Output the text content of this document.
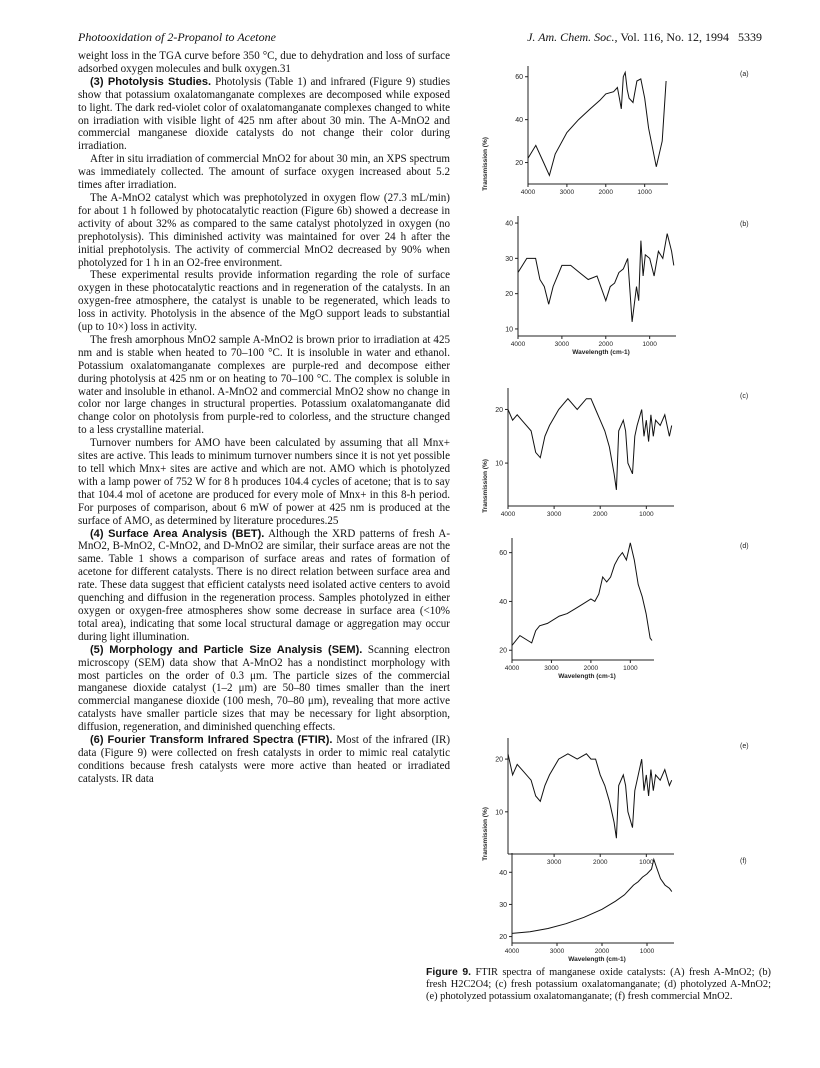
Photooxidation of 2-Propanol to Acetone	J. Am. Chem. Soc., Vol. 116, No. 12, 1994 5339

weight loss in the TGA curve before 350 °C, due to dehydration and loss of surface adsorbed oxygen molecules and bulk oxygen.31

(3) Photolysis Studies. Photolysis (Table 1) and infrared (Figure 9) studies show that potassium oxalatomanganate complexes are decomposed while exposed to light. The dark red-violet color of oxalatomanganate complexes changed to white on irradiation with visible light of 425 nm after about 30 min. The A-MnO2 and commercial manganese dioxide catalysts do not change their color during irradiation.

After in situ irradiation of commercial MnO2 for about 30 min, an XPS spectrum was immediately collected. The amount of surface oxygen increased about 5.2 times after irradiation.

The A-MnO2 catalyst which was prephotolyzed in oxygen flow (27.3 mL/min) for about 1 h followed by photocatalytic reaction (Figure 6b) showed a decrease in activity of about 32% as compared to the same catalyst photolyzed in oxygen (no prephotolysis). This diminished activity was maintained for over 24 h after the initial prephotolysis. The activity of commercial MnO2 decreased by 90% when photolyzed for 1 h in an O2-free environment.

These experimental results provide information regarding the role of surface oxygen in these photocatalytic reactions and in regeneration of the catalysts. In an oxygen-free atmosphere, the catalyst is unable to be regenerated, which leads to loss in activity. Photolysis in the absence of the MgO support leads to substantial (up to 10×) loss in activity.

The fresh amorphous MnO2 sample A-MnO2 is brown prior to irradiation at 425 nm and is stable when heated to 70–100 °C. It is insoluble in water and ethanol. Potassium oxalatomanganate complexes are purple-red and decompose either during photolysis at 425 nm or on heating to 70–100 °C. The complex is soluble in water and insoluble in ethanol. A-MnO2 and commercial MnO2 show no change in color nor large changes in structural properties. Potassium oxalatomanganate did change color on photolysis from purple-red to colorless, and the structure changed to a less crystalline material.

Turnover numbers for AMO have been calculated by assuming that all Mnx+ sites are active. This leads to minimum turnover numbers since it is not yet possible to tell which Mnx+ sites are active and which are not. AMO which is photolyzed with a lamp power of 752 W for 8 h produces 104.4 cycles of acetone; that is to say that 104.4 mol of acetone are produced for every mole of Mnx+ in this 8-h period. For purposes of comparison, about 6 mW of power at 425 nm is produced at the surface of AMO, as determined by literature procedures.25

(4) Surface Area Analysis (BET). Although the XRD patterns of fresh A-MnO2, B-MnO2, C-MnO2, and D-MnO2 are similar, their surface areas are not the same. Table 1 shows a comparison of surface areas and rates of formation of acetone for different catalysts. There is no direct relation between surface area and rate. These data suggest that efficient catalysts need isolated active centers to avoid quenching and diffusion in the regeneration process. Samples photolyzed in either oxygen or oxygen-free atmospheres show some decrease in surface area (<10% total area), indicating that some local structural damage or aggregation may occur during light illumination.

(5) Morphology and Particle Size Analysis (SEM). Scanning electron microscopy (SEM) data show that A-MnO2 has a nondistinct morphology with most particles on the order of 0.3 μm. The particle sizes of the commercial manganese dioxide catalyst (1–2 μm) are 50–80 times smaller than the inert commercial manganese dioxide (100 mesh, 70–80 μm), revealing that more active catalysts have smaller particle sizes that may be necessary for light absorption, diffusion, regeneration, and diminished quenching effects.

(6) Fourier Transform Infrared Spectra (FTIR). Most of the infrared (IR) data (Figure 9) were collected on fresh catalysts in order to mimic real catalytic conditions because fresh catalysts were more active than heated or irradiated catalysts. IR data

20
40
60
4000	3000	2000	1000
(a)
Transmission (%)
10
20
30
40
4000	3000	2000	1000
(b)
Wavelength (cm-1)
10
20
4000	3000	2000	1000
(c)
Transmission (%)
20
40
60
4000	3000	2000	1000
(d)
Wavelength (cm-1)
10
20
3000	2000	1000
(e)
Transmission (%)
20
30
40
4000	3000	2000	1000
(f)
Wavelength (cm-1)
Figure 9. FTIR spectra of manganese oxide catalysts: (A) fresh A-MnO2; (b) fresh H2C2O4; (c) fresh potassium oxalatomanganate; (d) photolyzed A-MnO2; (e) photolyzed potassium oxalatomanganate; (f) fresh commercial MnO2.
